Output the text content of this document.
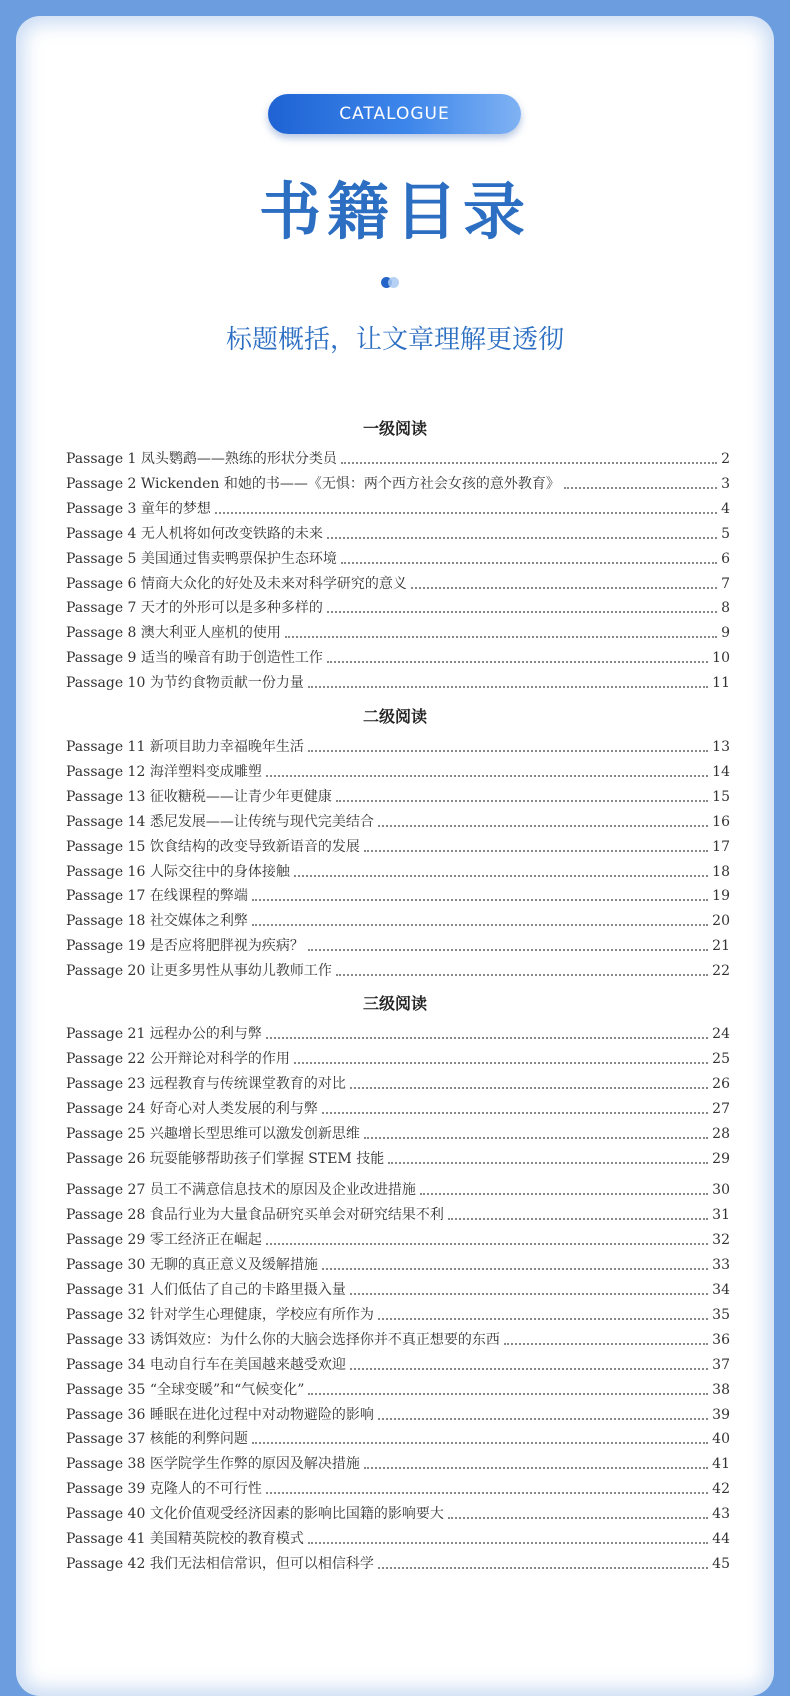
CATALOGUE
书籍目录
标题概括，让文章理解更透彻
一级阅读
Passage 1 凤头鹦鹉——熟练的形状分类员	2
Passage 2 Wickenden 和她的书——《无惧：两个西方社会女孩的意外教育》	3
Passage 3 童年的梦想	4
Passage 4 无人机将如何改变铁路的未来	5
Passage 5 美国通过售卖鸭票保护生态环境	6
Passage 6 情商大众化的好处及未来对科学研究的意义	7
Passage 7 天才的外形可以是多种多样的	8
Passage 8 澳大利亚人座机的使用	9
Passage 9 适当的噪音有助于创造性工作	10
Passage 10 为节约食物贡献一份力量	11
二级阅读
Passage 11 新项目助力幸福晚年生活	13
Passage 12 海洋塑料变成雕塑	14
Passage 13 征收糖税——让青少年更健康	15
Passage 14 悉尼发展——让传统与现代完美结合	16
Passage 15 饮食结构的改变导致新语音的发展	17
Passage 16 人际交往中的身体接触	18
Passage 17 在线课程的弊端	19
Passage 18 社交媒体之利弊	20
Passage 19 是否应将肥胖视为疾病？	21
Passage 20 让更多男性从事幼儿教师工作	22
三级阅读
Passage 21 远程办公的利与弊	24
Passage 22 公开辩论对科学的作用	25
Passage 23 远程教育与传统课堂教育的对比	26
Passage 24 好奇心对人类发展的利与弊	27
Passage 25 兴趣增长型思维可以激发创新思维	28
Passage 26 玩耍能够帮助孩子们掌握 STEM 技能	29
Passage 27 员工不满意信息技术的原因及企业改进措施	30
Passage 28 食品行业为大量食品研究买单会对研究结果不利	31
Passage 29 零工经济正在崛起	32
Passage 30 无聊的真正意义及缓解措施	33
Passage 31 人们低估了自己的卡路里摄入量	34
Passage 32 针对学生心理健康，学校应有所作为	35
Passage 33 诱饵效应：为什么你的大脑会选择你并不真正想要的东西	36
Passage 34 电动自行车在美国越来越受欢迎	37
Passage 35 “全球变暖”和“气候变化”	38
Passage 36 睡眠在进化过程中对动物避险的影响	39
Passage 37 核能的利弊问题	40
Passage 38 医学院学生作弊的原因及解决措施	41
Passage 39 克隆人的不可行性	42
Passage 40 文化价值观受经济因素的影响比国籍的影响要大	43
Passage 41 美国精英院校的教育模式	44
Passage 42 我们无法相信常识，但可以相信科学	45
